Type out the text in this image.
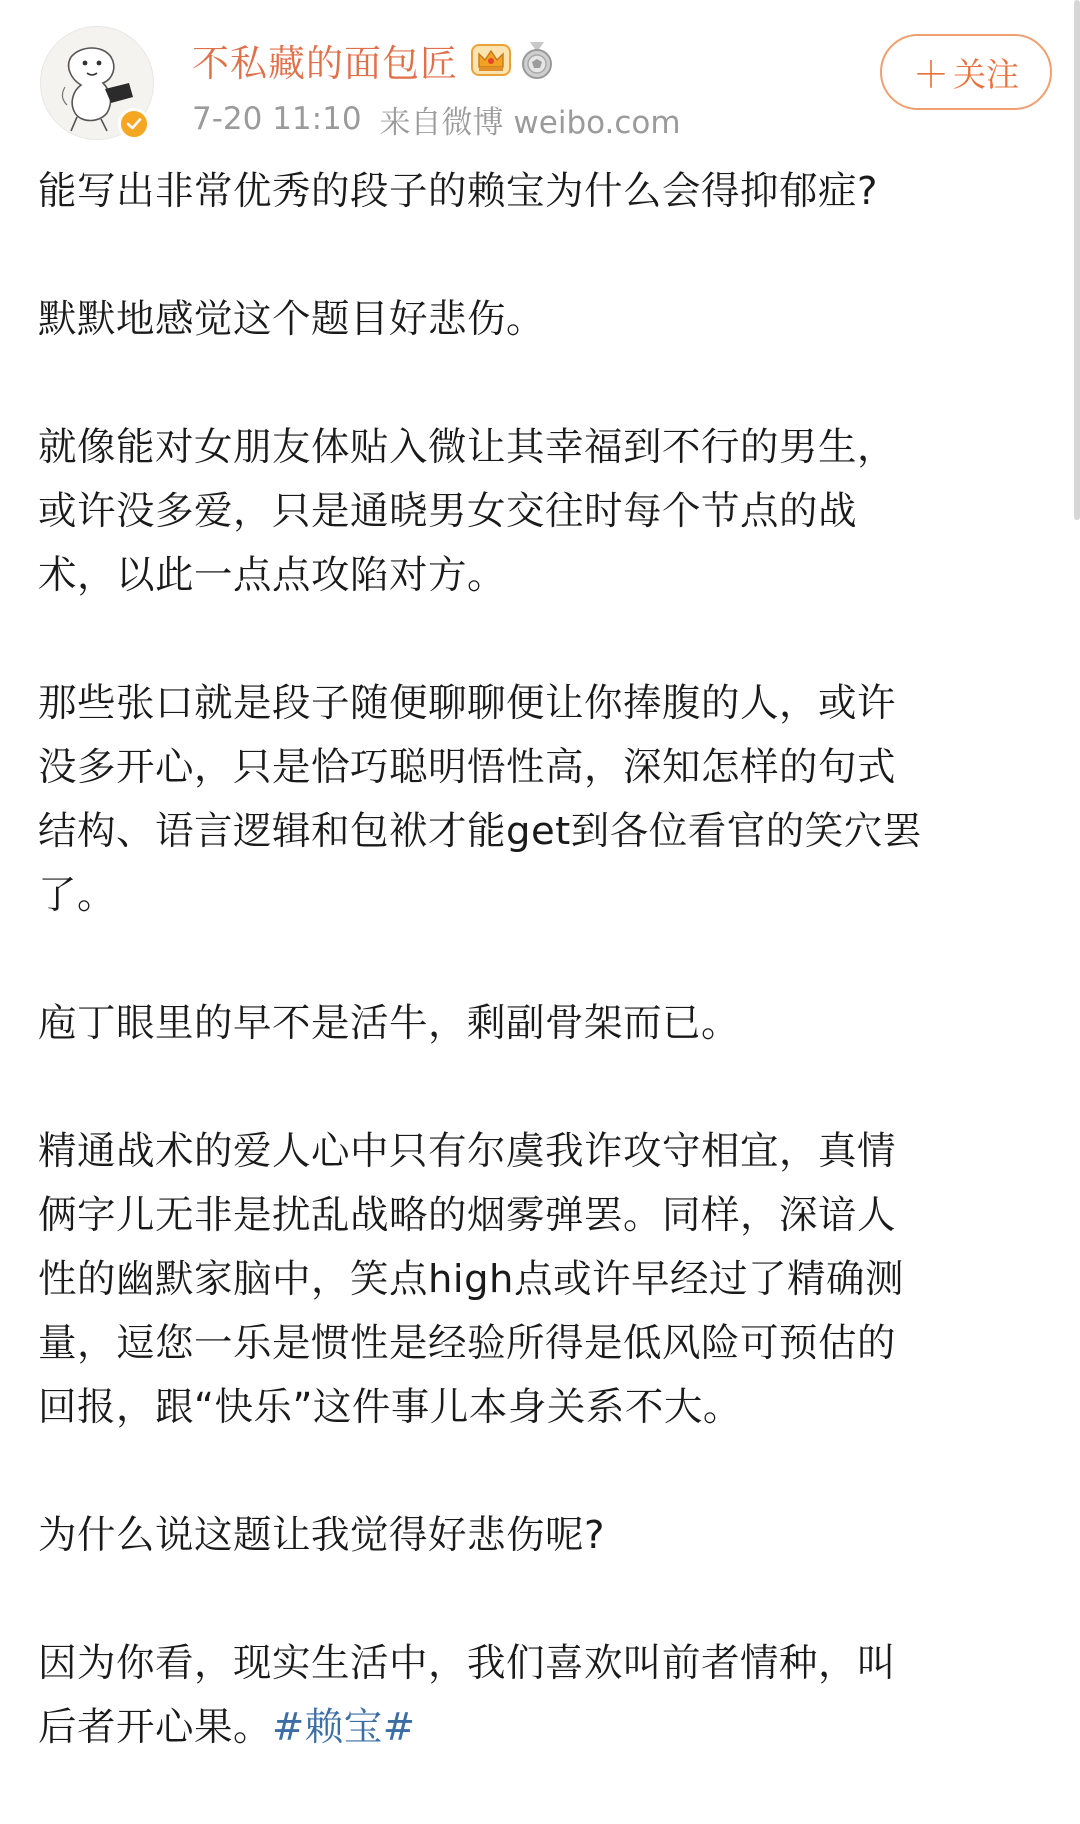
不私藏的面包匠
7-20 11:10 来自微博 weibo.com
＋ 关注

能写出非常优秀的段子的赖宝为什么会得抑郁症?

默默地感觉这个题目好悲伤。

就像能对女朋友体贴入微让其幸福到不行的男生，
或许没多爱，只是通晓男女交往时每个节点的战
术，以此一点点攻陷对方。

那些张口就是段子随便聊聊便让你捧腹的人，或许
没多开心，只是恰巧聪明悟性高，深知怎样的句式
结构、语言逻辑和包袱才能get到各位看官的笑穴罢
了。

庖丁眼里的早不是活牛，剩副骨架而已。

精通战术的爱人心中只有尔虞我诈攻守相宜，真情
俩字儿无非是扰乱战略的烟雾弹罢。同样，深谙人
性的幽默家脑中，笑点high点或许早经过了精确测
量，逗您一乐是惯性是经验所得是低风险可预估的
回报，跟“快乐”这件事儿本身关系不大。

为什么说这题让我觉得好悲伤呢?

因为你看，现实生活中，我们喜欢叫前者情种，叫
后者开心果。#赖宝#
